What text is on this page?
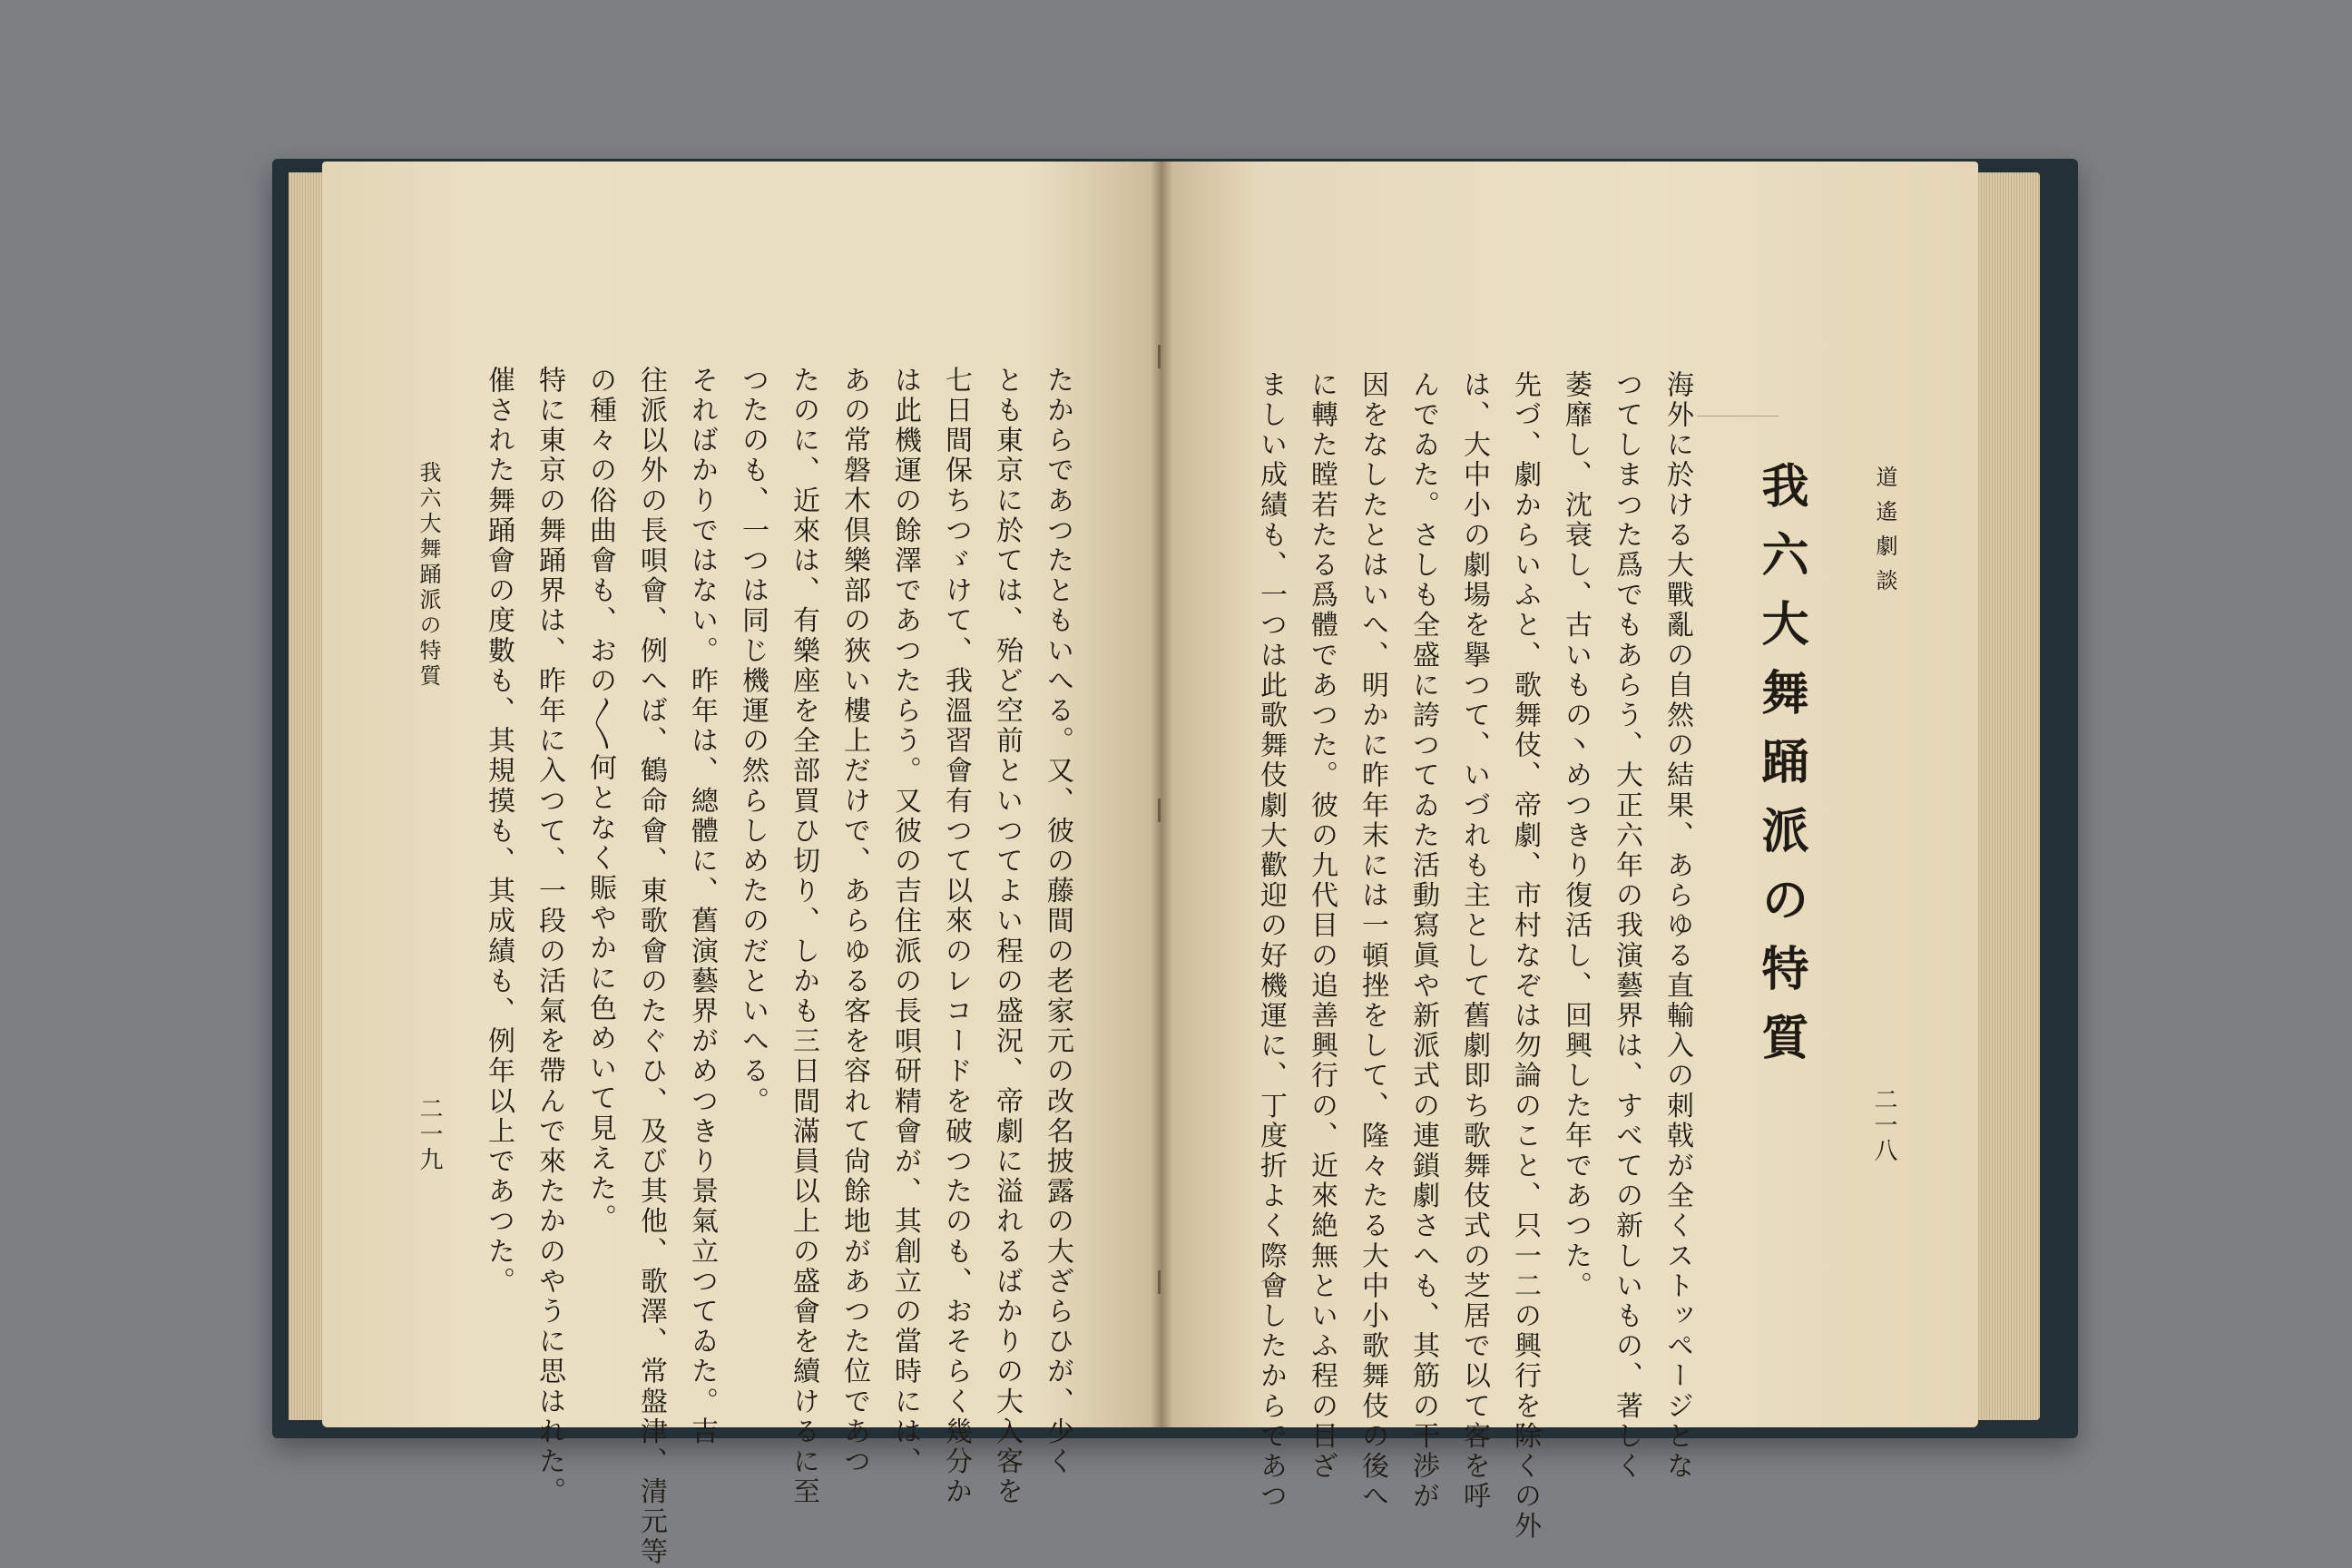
たからであつたともいへる。又、彼の藤間の老家元の改名披露の大ざらひが、少く
とも東京に於ては、殆ど空前といつてよい程の盛況、帝劇に溢れるばかりの大入客を
七日間保ちつゞけて、我溫習會有つて以來のレコードを破つたのも、おそらく幾分か
は此機運の餘澤であつたらう。又彼の吉住派の長唄研精會が、其創立の當時には、
あの常磐木倶樂部の狹い樓上だけで、あらゆる客を容れて尙餘地があつた位であつ
たのに、近來は、有樂座を全部買ひ切り、しかも三日間滿員以上の盛會を續けるに至
つたのも、一つは同じ機運の然らしめたのだといへる。
そればかりではない。昨年は、總體に、舊演藝界がめつきり景氣立つてゐた。吉
往派以外の長唄會、例へば、鶴命會、東歌會のたぐひ、及び其他、歌澤、常盤津、清元等
の種々の俗曲會も、おの〳〵何となく賑やかに色めいて見えた。
特に東京の舞踊界は、昨年に入つて、一段の活氣を帶んで來たかのやうに思はれた。
催された舞踊會の度數も、其規摸も、其成績も、例年以上であつた。
我六大舞踊派の特質
二一九	海外に於ける大戰亂の自然の結果、あらゆる直輸入の刺戟が全くストッページとな
つてしまつた爲でもあらう、大正六年の我演藝界は、すべての新しいもの、著しく
萎靡し、沈衰し、古いもの丶めつきり復活し、回興した年であつた。
先づ、劇からいふと、歌舞伎、帝劇、市村なぞは勿論のこと、只一二の興行を除くの外
は、大中小の劇場を擧つて、いづれも主として舊劇即ち歌舞伎式の芝居で以て客を呼
んでゐた。さしも全盛に誇つてゐた活動寫眞や新派式の連鎖劇さへも、其筋の干渉が
因をなしたとはいへ、明かに昨年末には一頓挫をして、隆々たる大中小歌舞伎の後へ
に轉た瞠若たる爲體であつた。彼の九代目の追善興行の、近來絶無といふ程の目ざ
ましい成績も、一つは此歌舞伎劇大歡迎の好機運に、丁度折よく際會したからであつ	我六大舞踊派の特質	道遙劇談
二一八
